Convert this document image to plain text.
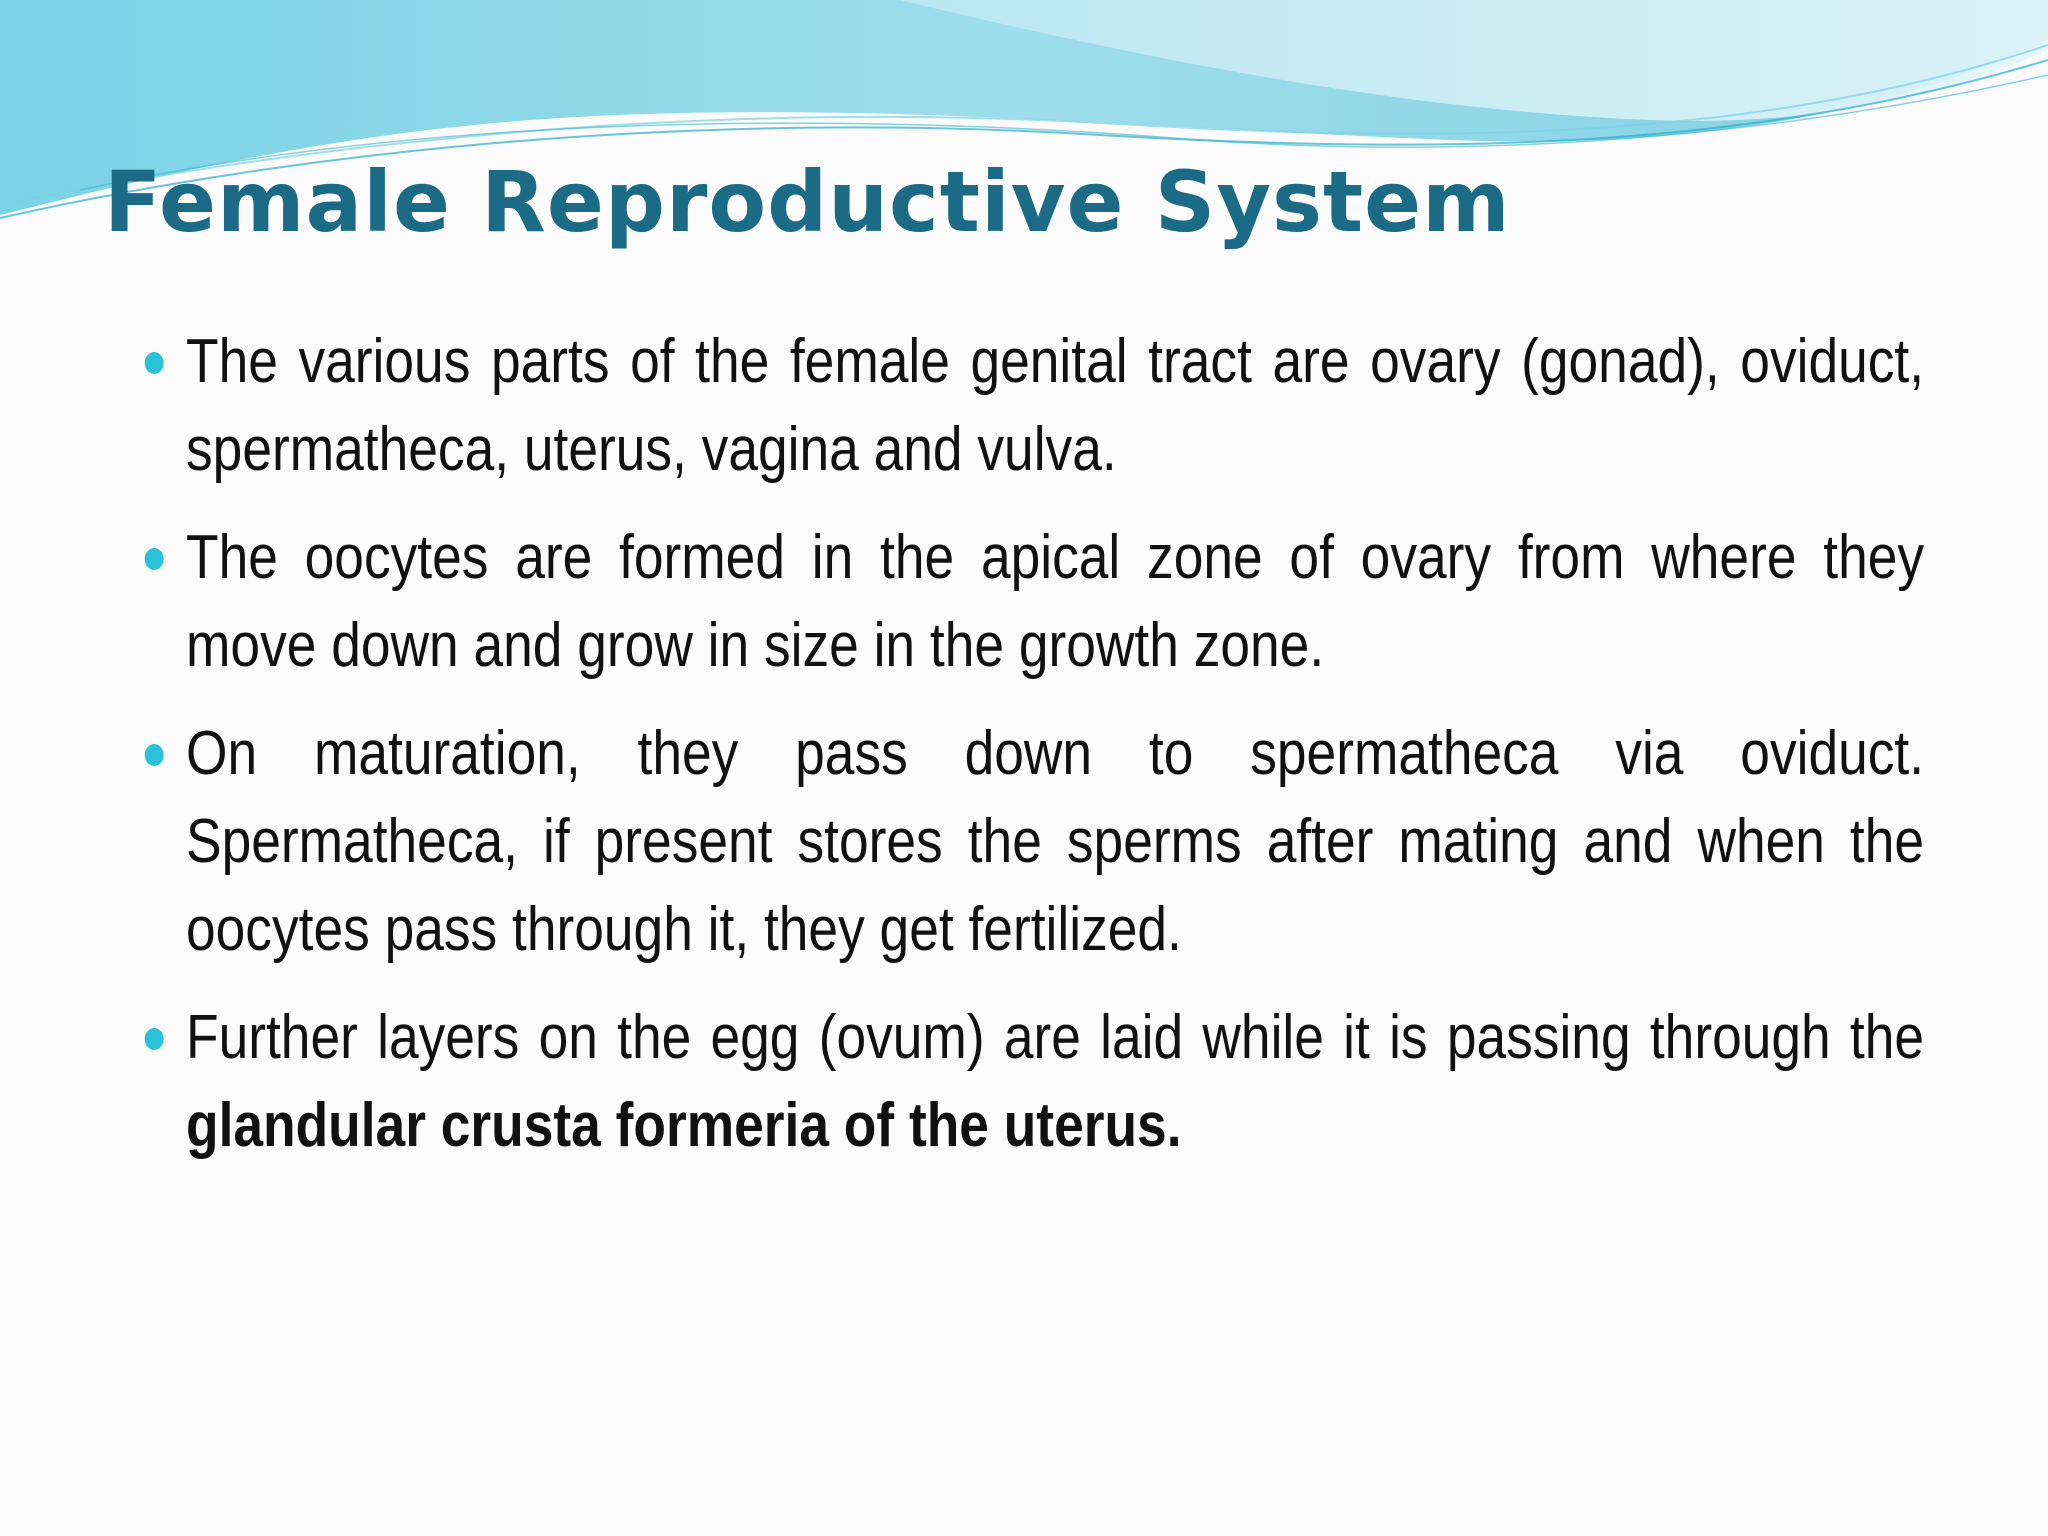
Female Reproductive System
The various parts of the female genital tract are ovary (gonad), oviduct, spermatheca, uterus, vagina and vulva.
The oocytes are formed in the apical zone of ovary from where they move down and grow in size in the growth zone.
On maturation, they pass down to spermatheca via oviduct. Spermatheca, if present stores the sperms after mating and when the oocytes pass through it, they get fertilized.
Further layers on the egg (ovum) are laid while it is passing through the glandular crusta formeria of the uterus.
